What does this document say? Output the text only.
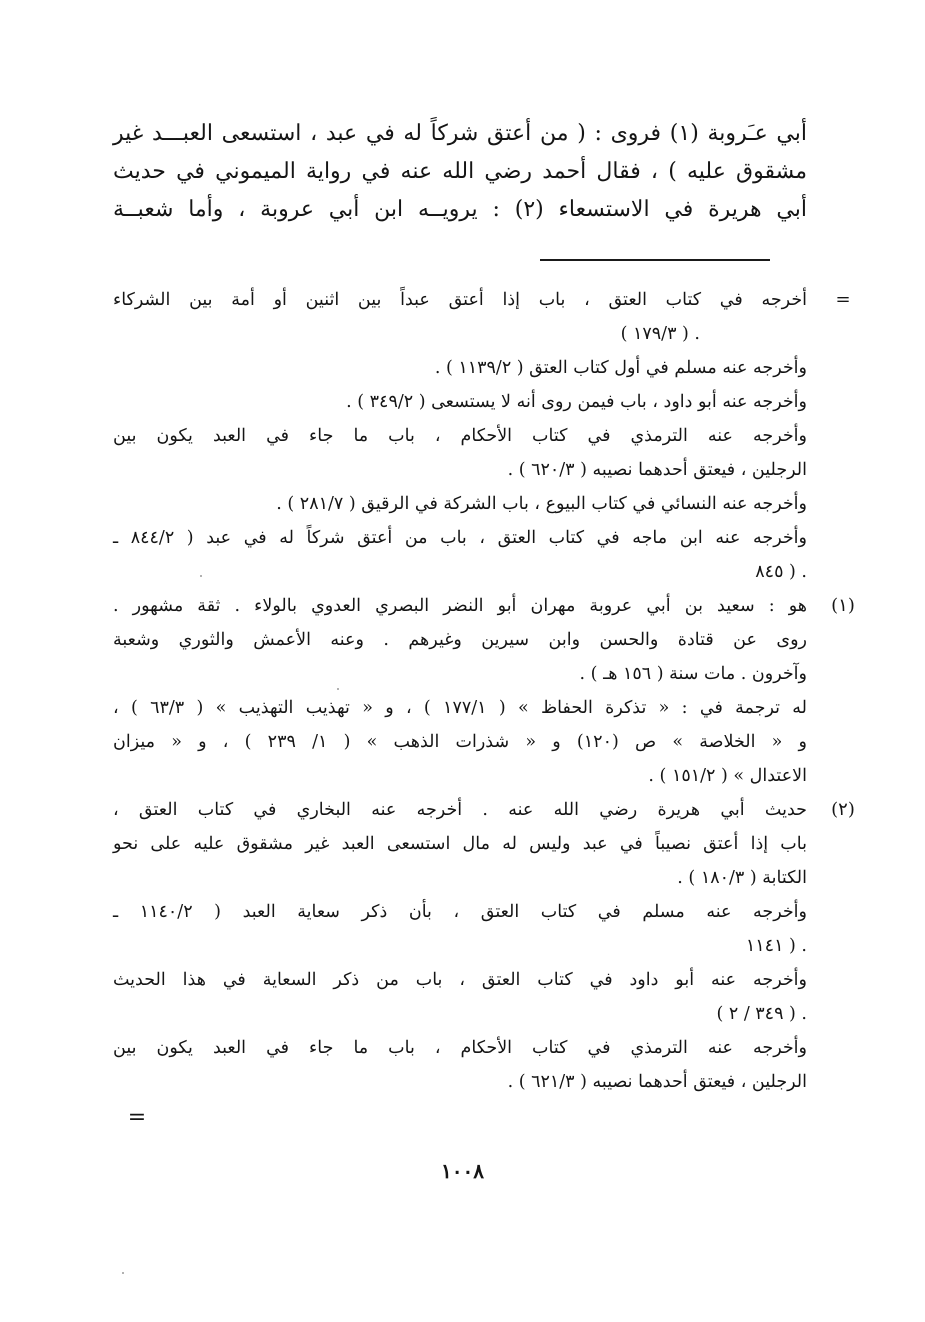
أبي عـَروبة (١) فروى : ( من أعتق شركاً له في عبد ، استسعى العبـــد غير
مشقوق عليه ) ، فقال أحمد رضي الله عنه في رواية الميموني في حديث
أبي هريرة في الاستسعاء (٢) : يرويــه ابن أبي عروبة ، وأما شعبــة
=
أخرجه في كتاب العتق ، باب إذا أعتق عبداً بين اثنين أو أمة بين الشركاء
. ( ١٧٩/٣ )
وأخرجه عنه مسلم في أول كتاب العتق ( ١١٣٩/٢ ) .
وأخرجه عنه أبو داود ، باب فيمن روى أنه لا يستسعى ( ٣٤٩/٢ ) .
وأخرجه عنه الترمذي في كتاب الأحكام ، باب ما جاء في العبد يكون بين
الرجلين ، فيعتق أحدهما نصيبه ( ٦٢٠/٣ ) .
وأخرجه عنه النسائي في كتاب البيوع ، باب الشركة في الرقيق ( ٢٨١/٧ ) .
وأخرجه عنه ابن ماجه في كتاب العتق ، باب من أعتق شركاً له في عبد ( ٨٤٤/٢ ـ
. ( ٨٤٥
(١)
هو : سعيد بن أبي عروبة مهران أبو النضر البصري العدوي بالولاء . ثقة مشهور .
روى عن قتادة والحسن وابن سيرين وغيرهم . وعنه الأعمش والثوري وشعبة
وآخرون . مات سنة ( ١٥٦ هـ ) .
له ترجمة في : « تذكرة الحفاظ » ( ١٧٧/١ ) ، و « تهذيب التهذيب » ( ٦٣/٣ ) ،
و « الخلاصة » ص (١٢٠) و « شذرات الذهب » ( ١/ ٢٣٩ ) ، و « ميزان
الاعتدال » ( ١٥١/٢ ) .
(٢)
حديث أبي هريرة رضي الله عنه . أخرجه عنه البخاري في كتاب العتق ،
باب إذا أعتق نصيباً في عبد وليس له مال استسعى العبد غير مشقوق عليه على نحو
الكتابة ( ١٨٠/٣ ) .
وأخرجه عنه مسلم في كتاب العتق ، بأن ذكر سعاية العبد ( ١١٤٠/٢ ـ
. ( ١١٤١
وأخرجه عنه أبو داود في كتاب العتق ، باب من ذكر السعاية في هذا الحديث
. ( ٣٤٩ / ٢ )
وأخرجه عنه الترمذي في كتاب الأحكام ، باب ما جاء في العبد يكون بين
الرجلين ، فيعتق أحدهما نصيبه ( ٦٢١/٣ ) .
=
١٠٠٨
